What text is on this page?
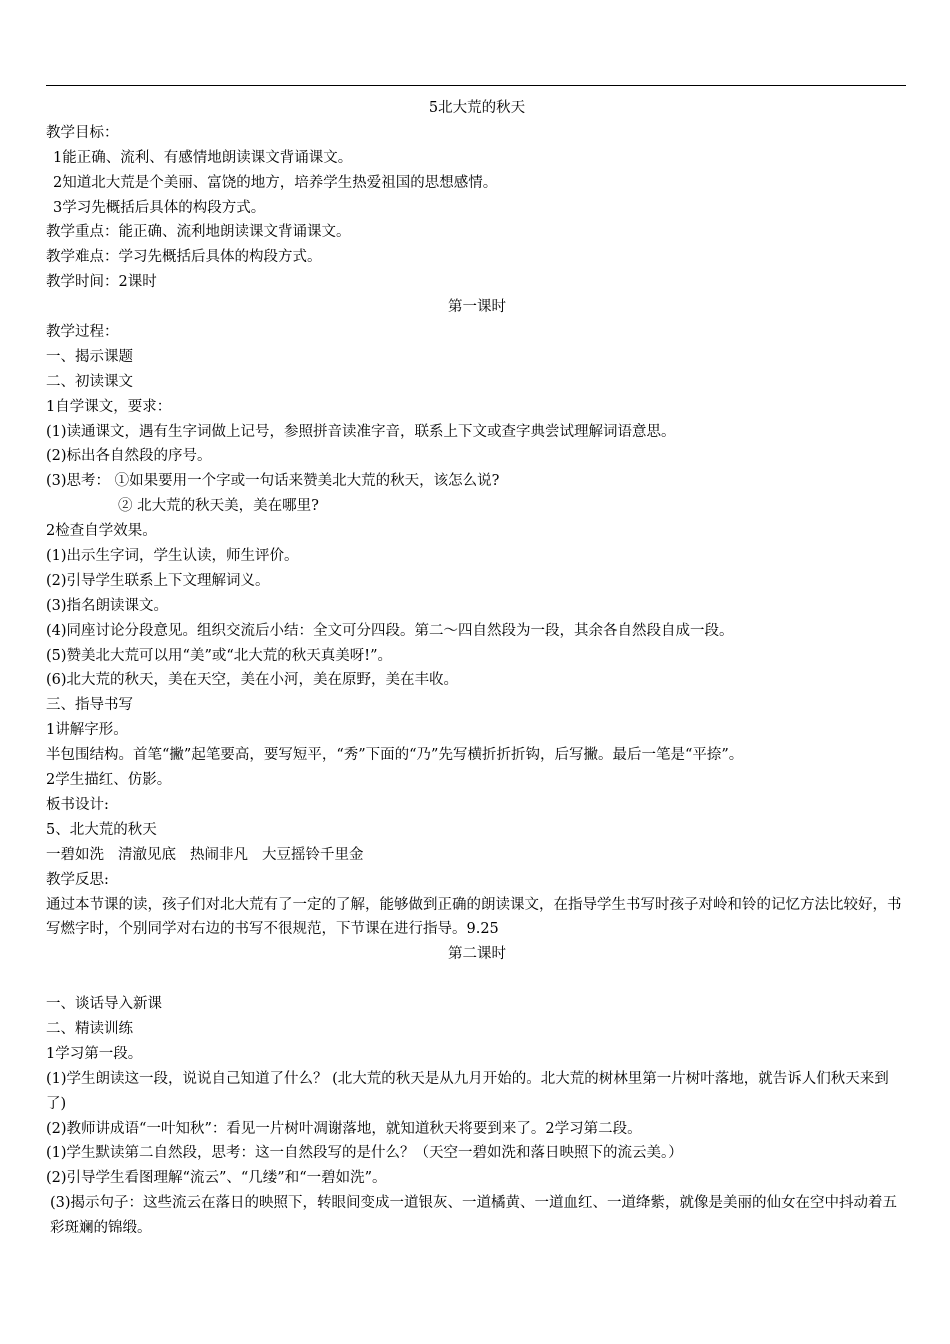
5北大荒的秋天
教学目标：
1能正确、流利、有感情地朗读课文背诵课文。
2知道北大荒是个美丽、富饶的地方，培养学生热爱祖国的思想感情。
3学习先概括后具体的构段方式。
教学重点：能正确、流利地朗读课文背诵课文。
教学难点：学习先概括后具体的构段方式。
教学时间：2课时
第一课时
教学过程：
一、揭示课题
二、初读课文
1自学课文，要求：
(1)读通课文，遇有生字词做上记号，参照拼音读准字音，联系上下文或查字典尝试理解词语意思。
(2)标出各自然段的序号。
(3)思考： ①如果要用一个字或一句话来赞美北大荒的秋天，该怎么说?
② 北大荒的秋天美，美在哪里?
2检查自学效果。
(1)出示生字词，学生认读，师生评价。
(2)引导学生联系上下文理解词义。
(3)指名朗读课文。
(4)同座讨论分段意见。组织交流后小结：全文可分四段。第二～四自然段为一段，其余各自然段自成一段。
(5)赞美北大荒可以用“美”或“北大荒的秋天真美呀!”。
(6)北大荒的秋天，美在天空，美在小河，美在原野，美在丰收。
三、指导书写
1讲解字形。
半包围结构。首笔“撇”起笔要高，要写短平，“秀”下面的“乃”先写横折折折钩，后写撇。最后一笔是“平捺”。
2学生描红、仿影。
板书设计:
5、北大荒的秋天
一碧如洗 清澈见底 热闹非凡 大豆摇铃千里金
教学反思:
通过本节课的读，孩子们对北大荒有了一定的了解，能够做到正确的朗读课文，在指导学生书写时孩子对岭和铃的记忆方法比较好，书写燃字时，个别同学对右边的书写不很规范，下节课在进行指导。9.25
第二课时
一、谈话导入新课
二、精读训练
1学习第一段。
(1)学生朗读这一段，说说自己知道了什么？ (北大荒的秋天是从九月开始的。北大荒的树林里第一片树叶落地，就告诉人们秋天来到了)
(2)教师讲成语“一叶知秋”：看见一片树叶凋谢落地，就知道秋天将要到来了。2学习第二段。
(1)学生默读第二自然段，思考：这一自然段写的是什么？（天空一碧如洗和落日映照下的流云美。）
(2)引导学生看图理解“流云”、“几缕”和“一碧如洗”。
(3)揭示句子：这些流云在落日的映照下，转眼间变成一道银灰、一道橘黄、一道血红、一道绛紫，就像是美丽的仙女在空中抖动着五彩斑斓的锦缎。
